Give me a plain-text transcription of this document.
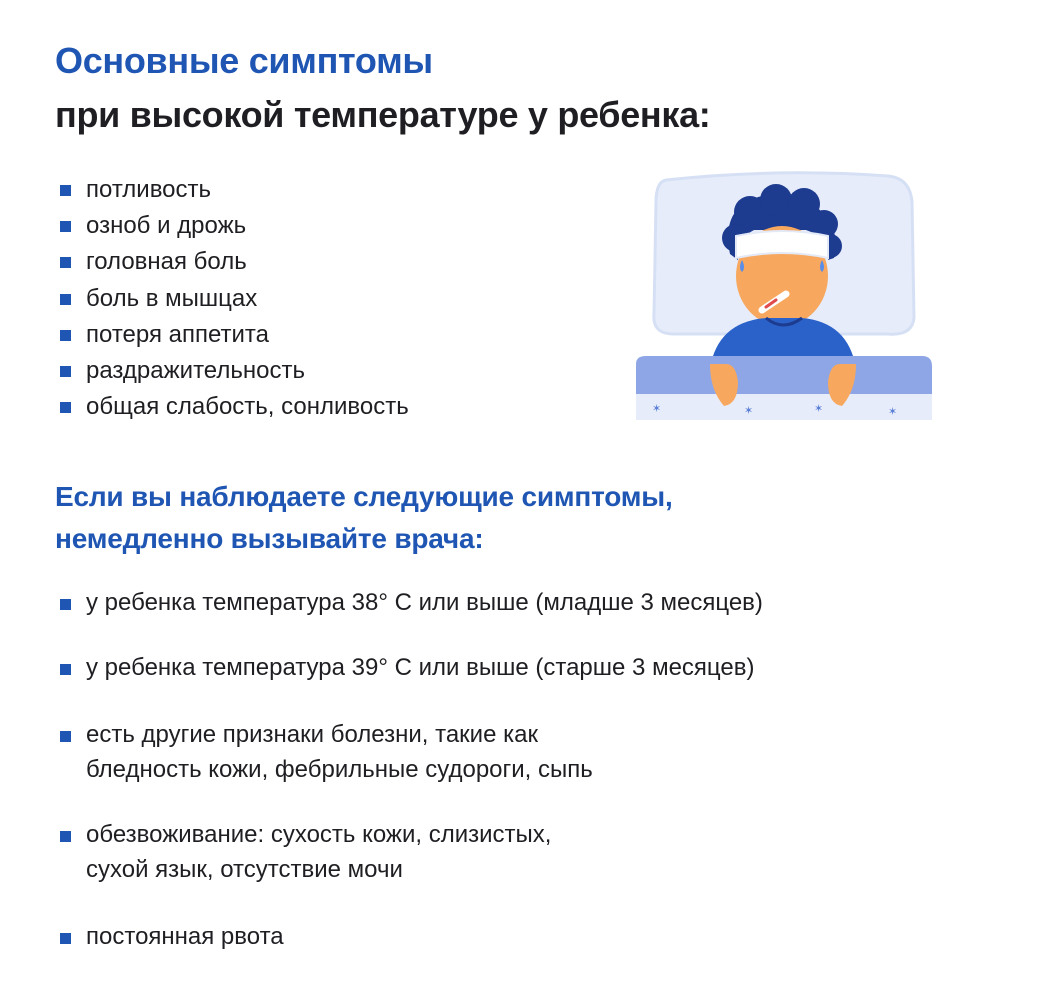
Основные симптомы
при высокой температуре у ребенка:
потливость
озноб и дрожь
головная боль
боль в мышцах
потеря аппетита
раздражительность
общая слабость, сонливость	✶	✶	✶	✶
Если вы наблюдаете следующие симптомы,
немедленно вызывайте врача:
у ребенка температура 38° С или выше (младше 3 месяцев)
у ребенка температура 39° С или выше (старше 3 месяцев)
есть другие признаки болезни, такие как
бледность кожи, фебрильные судороги, сыпь
обезвоживание: сухость кожи, слизистых,
сухой язык, отсутствие мочи
постоянная рвота
